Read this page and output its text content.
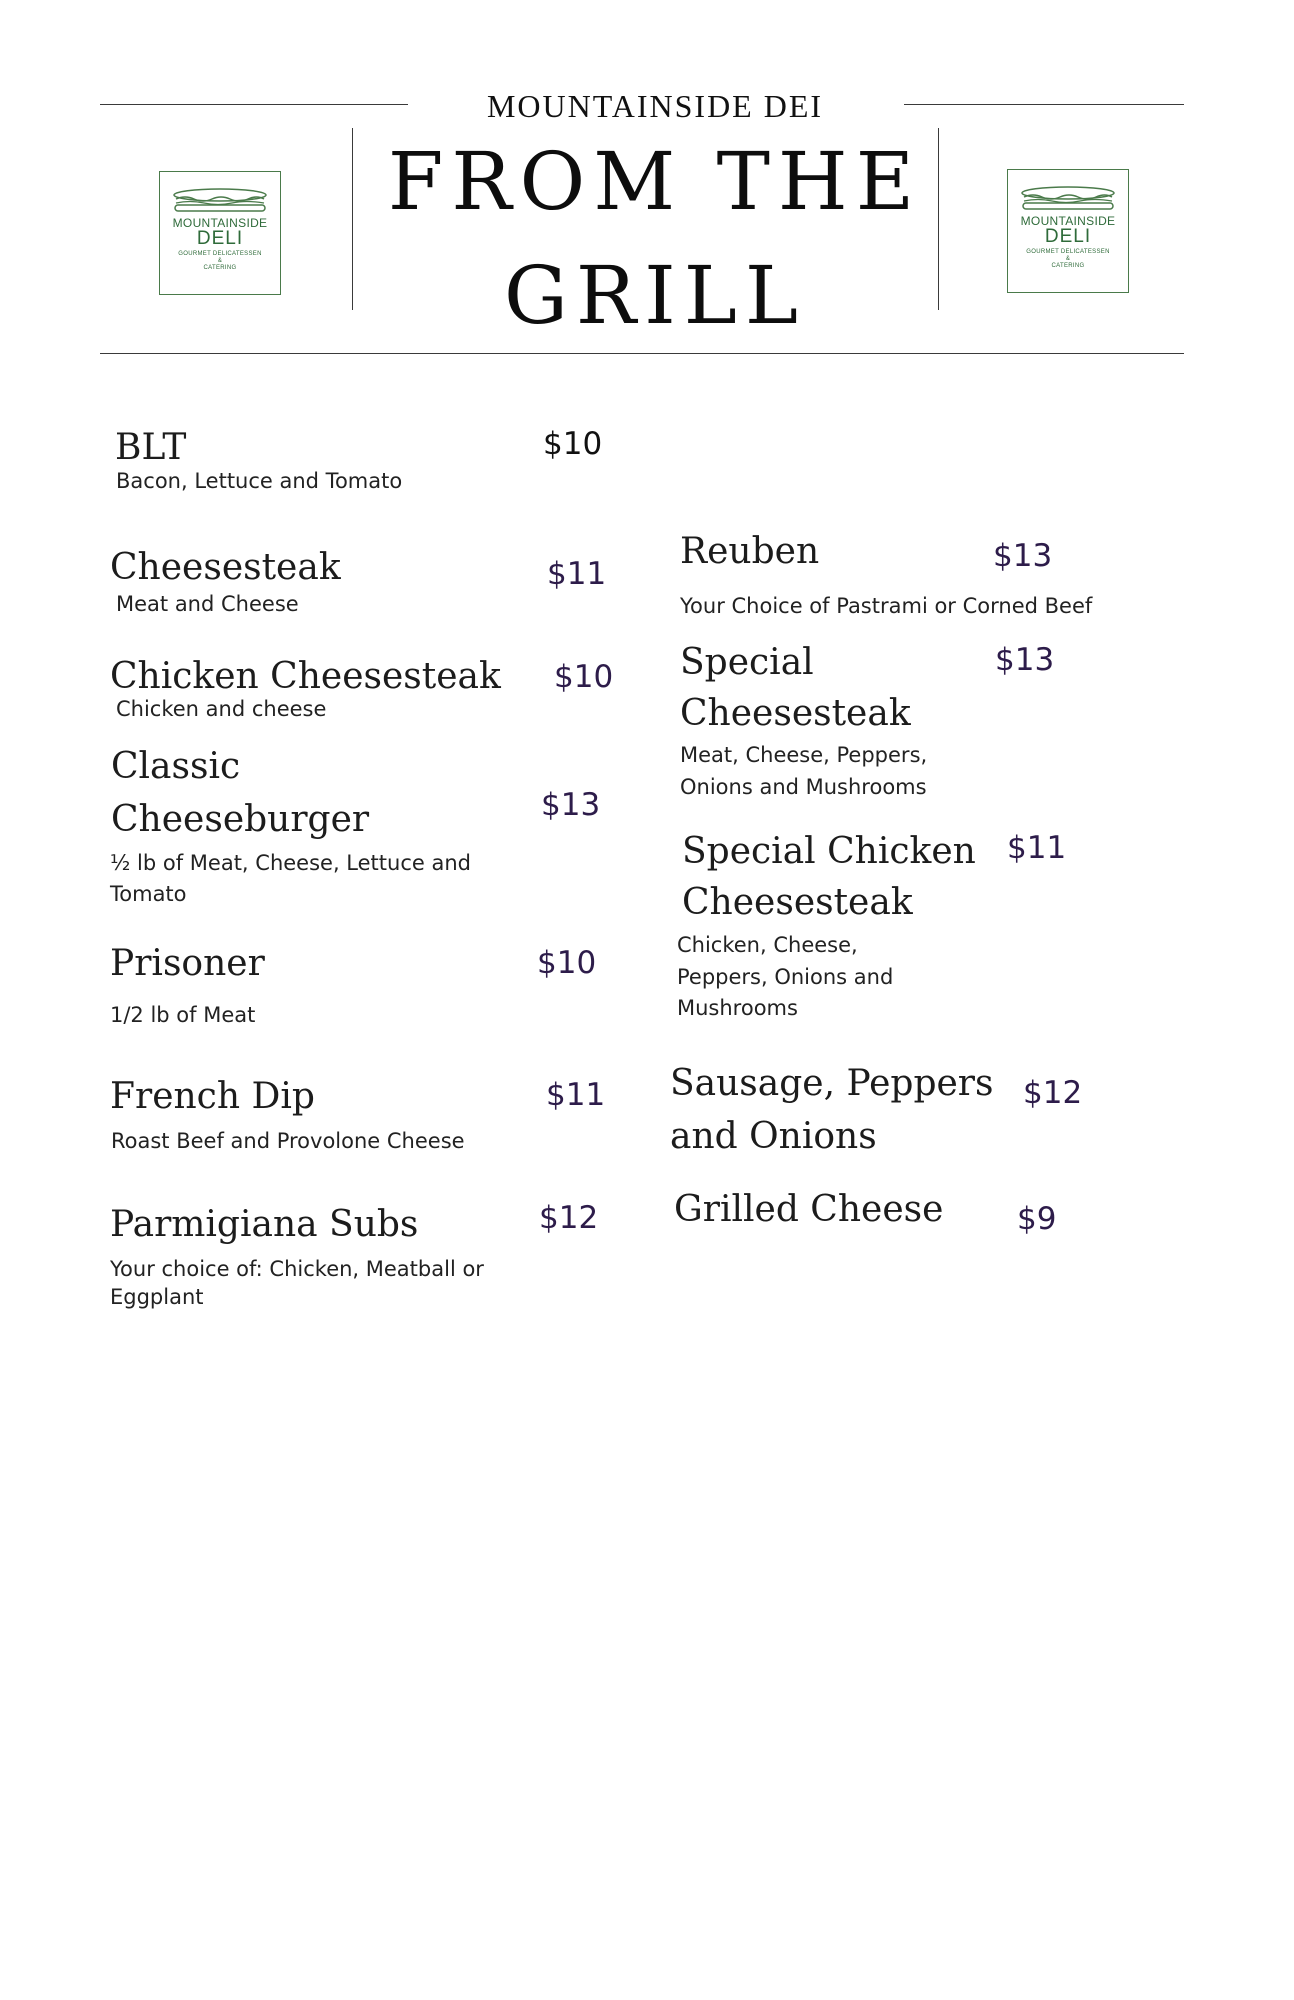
MOUNTAINSIDE DEI
FROM THE
GRILL
MOUNTAINSIDE
DELI
GOURMET DELICATESSEN
&
CATERING
MOUNTAINSIDE
DELI
GOURMET DELICATESSEN
&
CATERING
BLT	$10
Bacon, Lettuce and Tomato
Cheesesteak	$11
Meat and Cheese
Chicken Cheesesteak $10
Chicken and cheese
Classic
Cheeseburger	$13
½ lb of Meat, Cheese, Lettuce and
Tomato
Prisoner	$10
1/2 lb of Meat
French Dip	$11
Roast Beef and Provolone Cheese
Parmigiana Subs	$12
Your choice of: Chicken, Meatball or
Eggplant
Reuben	$13
Your Choice of Pastrami or Corned Beef
Special
Cheesesteak
$13
Meat, Cheese, Peppers,
Onions and Mushrooms
Special Chicken
Cheesesteak
$11
Chicken, Cheese,
Peppers, Onions and
Mushrooms
Sausage, Peppers
and Onions
$12
Grilled Cheese $9
